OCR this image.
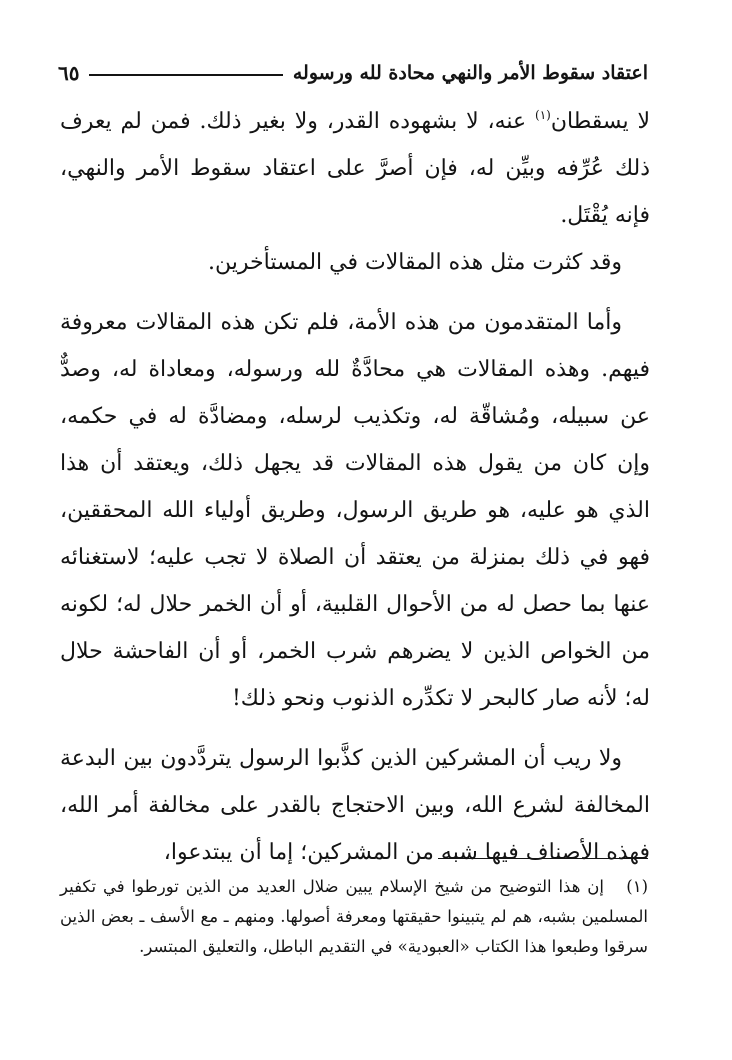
اعتقاد سقوط الأمر والنهي محادة لله ورسوله
٦٥

لا يسقطان$^{(١)}$ عنه، لا بشهوده القدر، ولا بغير ذلك. فمن لم يعرف ذلك عُرِّفه وبيِّن له، فإن أصرَّ على اعتقاد سقوط الأمر والنهي، فإنه يُقْتَل.

وقد كثرت مثل هذه المقالات في المستأخرين.

وأما المتقدمون من هذه الأمة، فلم تكن هذه المقالات معروفة فيهم. وهذه المقالات هي محادَّةٌ لله ورسوله، ومعاداة له، وصدٌّ عن سبيله، ومُشاقّة له، وتكذيب لرسله، ومضادَّة له في حكمه، وإن كان من يقول هذه المقالات قد يجهل ذلك، ويعتقد أن هذا الذي هو عليه، هو طريق الرسول، وطريق أولياء الله المحققين، فهو في ذلك بمنزلة من يعتقد أن الصلاة لا تجب عليه؛ لاستغنائه عنها بما حصل له من الأحوال القلبية، أو أن الخمر حلال له؛ لكونه من الخواص الذين لا يضرهم شرب الخمر، أو أن الفاحشة حلال له؛ لأنه صار كالبحر لا تكدِّره الذنوب ونحو ذلك!

ولا ريب أن المشركين الذين كذَّبوا الرسول يتردَّدون بين البدعة المخالفة لشرع الله، وبين الاحتجاج بالقدر على مخالفة أمر الله، فهذه الأصناف فيها شبه من المشركين؛ إما أن يبتدعوا،

(١)إن هذا التوضيح من شيخ الإسلام يبين ضلال العديد من الذين تورطوا في تكفير المسلمين بشبه، هم لم يتبينوا حقيقتها ومعرفة أصولها. ومنهم ـ مع الأسف ـ بعض الذين سرقوا وطبعوا هذا الكتاب «العبودية» في التقديم الباطل، والتعليق المبتسر.
